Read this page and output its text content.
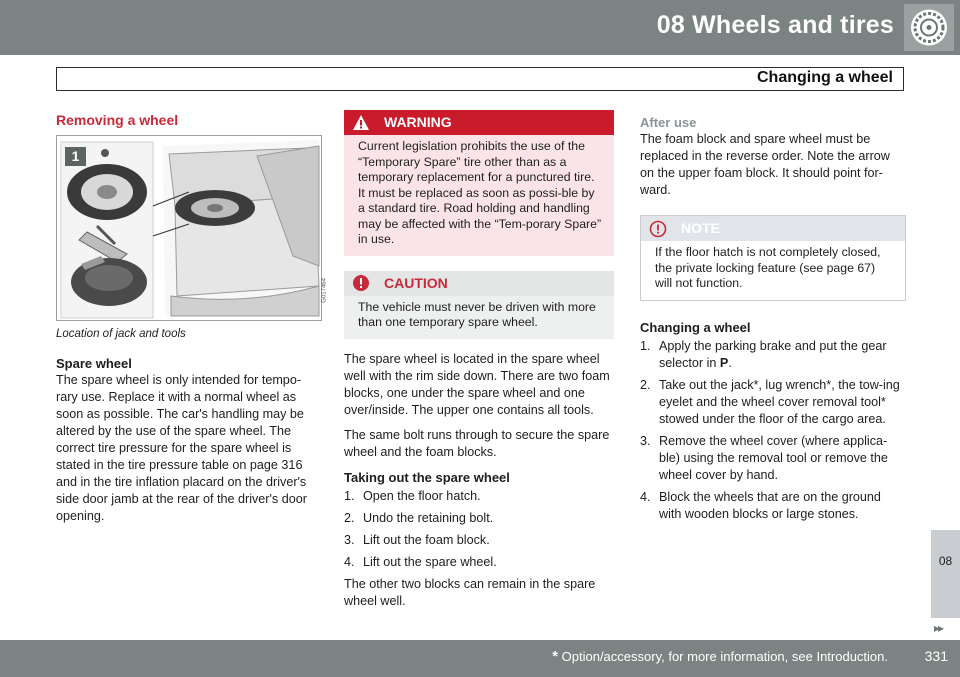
08 Wheels and tires
Changing a wheel
Removing a wheel
1
G017464
Location of jack and tools
Spare wheel

The spare wheel is only intended for tempo-rary use. Replace it with a normal wheel as soon as possible. The car's handling may be altered by the use of the spare wheel. The correct tire pressure for the spare wheel is stated in the tire pressure table on page 316 and in the tire inflation placard on the driver's side door jamb at the rear of the driver's door opening.

WARNING
Current legislation prohibits the use of the “Temporary Spare” tire other than as a temporary replacement for a punctured tire. It must be replaced as soon as possi-ble by a standard tire. Road holding and handling may be affected with the “Tem-porary Spare” in use.
CAUTION
The vehicle must never be driven with more than one temporary spare wheel.

The spare wheel is located in the spare wheel well with the rim side down. There are two foam blocks, one under the spare wheel and one over/inside. The upper one contains all tools.

The same bolt runs through to secure the spare wheel and the foam blocks.

Taking out the spare wheel
1. Open the floor hatch.
2. Undo the retaining bolt.
3. Lift out the foam block.
4. Lift out the spare wheel.

The other two blocks can remain in the spare wheel well.

After use

The foam block and spare wheel must be replaced in the reverse order. Note the arrow on the upper foam block. It should point for-ward.

NOTE
If the floor hatch is not completely closed, the private locking feature (see page 67) will not function.
Changing a wheel
1. Apply the parking brake and put the gear selector in P.
2. Take out the jack*, lug wrench*, the tow-ing eyelet and the wheel cover removal tool* stowed under the floor of the cargo area.
3. Remove the wheel cover (where applica-ble) using the removal tool or remove the wheel cover by hand.
4. Block the wheels that are on the ground with wooden blocks or large stones.
08
▸▸
* Option/accessory, for more information, see Introduction.	331
